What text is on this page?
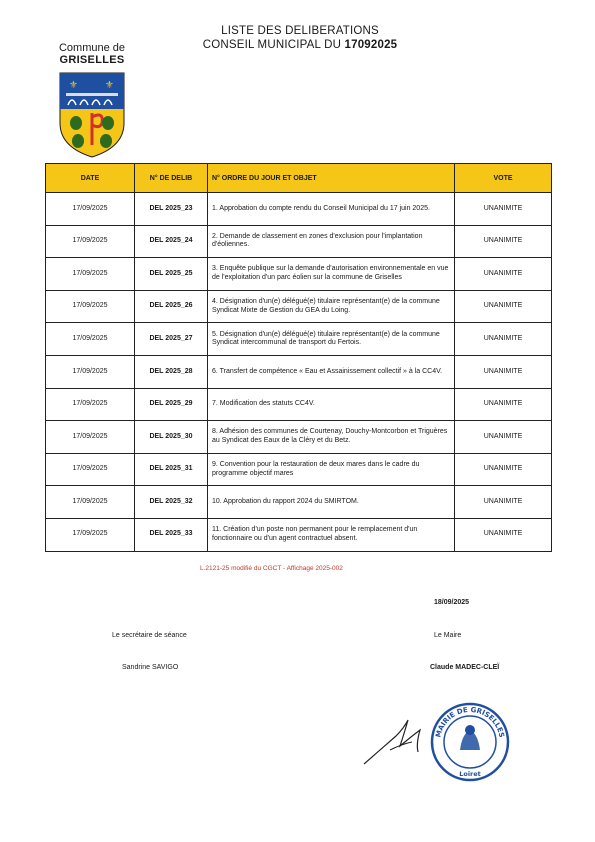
LISTE DES DELIBERATIONS
CONSEIL MUNICIPAL DU 17092025

Commune de

GRISELLES

⚜	⚜
DATE	N° DE DELIB	N° ORDRE DU JOUR ET OBJET	VOTE
17/09/2025	DEL 2025_23	1. Approbation du compte rendu du Conseil Municipal du 17 juin 2025.	UNANIMITE
17/09/2025	DEL 2025_24	2. Demande de classement en zones d'exclusion pour l'implantation d'éoliennes.	UNANIMITE
17/09/2025	DEL 2025_25	3. Enquête publique sur la demande d'autorisation environnementale en vue de l'exploitation d'un parc éolien sur la commune de Griselles	UNANIMITE
17/09/2025	DEL 2025_26	4. Désignation d'un(e) délégué(e) titulaire représentant(e) de la commune Syndicat Mixte de Gestion du GEA du Loing.	UNANIMITE
17/09/2025	DEL 2025_27	5. Désignation d'un(e) délégué(e) titulaire représentant(e) de la commune Syndicat intercommunal de transport du Fertois.	UNANIMITE
17/09/2025	DEL 2025_28	6. Transfert de compétence « Eau et Assainissement collectif » à la CC4V.	UNANIMITE
17/09/2025	DEL 2025_29	7. Modification des statuts CC4V.	UNANIMITE
17/09/2025	DEL 2025_30	8. Adhésion des communes de Courtenay, Douchy-Montcorbon et Triguères au Syndicat des Eaux de la Cléry et du Betz.	UNANIMITE
17/09/2025	DEL 2025_31	9. Convention pour la restauration de deux mares dans le cadre du programme objectif mares	UNANIMITE
17/09/2025	DEL 2025_32	10. Approbation du rapport 2024 du SMIRTOM.	UNANIMITE
17/09/2025	DEL 2025_33	11. Création d'un poste non permanent pour le remplacement d'un fonctionnaire ou d'un agent contractuel absent.	UNANIMITE
L.2121-25 modifié du CGCT - Affichage 2025-002
18/09/2025
Le secrétaire de séance	Le Maire
Sandrine SAVIGO	Claude MADEC-CLEÏ
MAIRIE DE GRISELLES
Loiret
